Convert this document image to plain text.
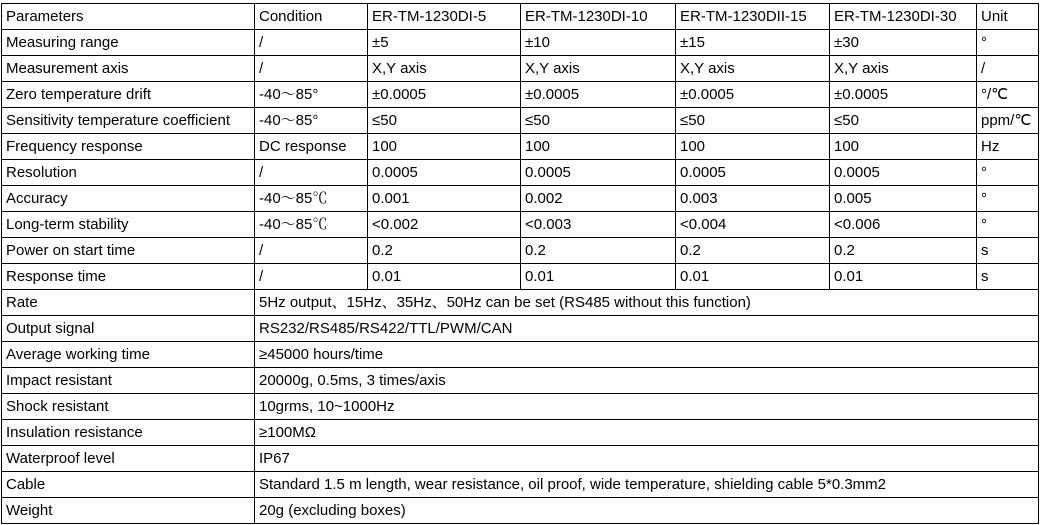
Parameters	Condition	ER-TM-1230DI-5	ER-TM-1230DI-10	ER-TM-1230DII-15	ER-TM-1230DI-30	Unit
Measuring range	/	±5	±10	±15	±30	°
Measurement axis	/	X,Y axis	X,Y axis	X,Y axis	X,Y axis	/
Zero temperature drift	-40～85°	±0.0005	±0.0005	±0.0005	±0.0005	°/℃
Sensitivity temperature coefficient	-40～85°	≤50	≤50	≤50	≤50	ppm/℃
Frequency response	DC response	100	100	100	100	Hz
Resolution	/	0.0005	0.0005	0.0005	0.0005	°
Accuracy	-40～85℃	0.001	0.002	0.003	0.005	°
Long-term stability	-40～85℃	<0.002	<0.003	<0.004	<0.006	°
Power on start time	/	0.2	0.2	0.2	0.2	s
Response time	/	0.01	0.01	0.01	0.01	s
Rate	5Hz output、15Hz、35Hz、50Hz can be set (RS485 without this function)					
Output signal	RS232/RS485/RS422/TTL/PWM/CAN					
Average working time	≥45000 hours/time					
Impact resistant	20000g, 0.5ms, 3 times/axis					
Shock resistant	10grms, 10~1000Hz					
Insulation resistance	≥100MΩ					
Waterproof level	IP67					
Cable	Standard 1.5 m length, wear resistance, oil proof, wide temperature, shielding cable 5*0.3mm2					
Weight	20g (excluding boxes)					
